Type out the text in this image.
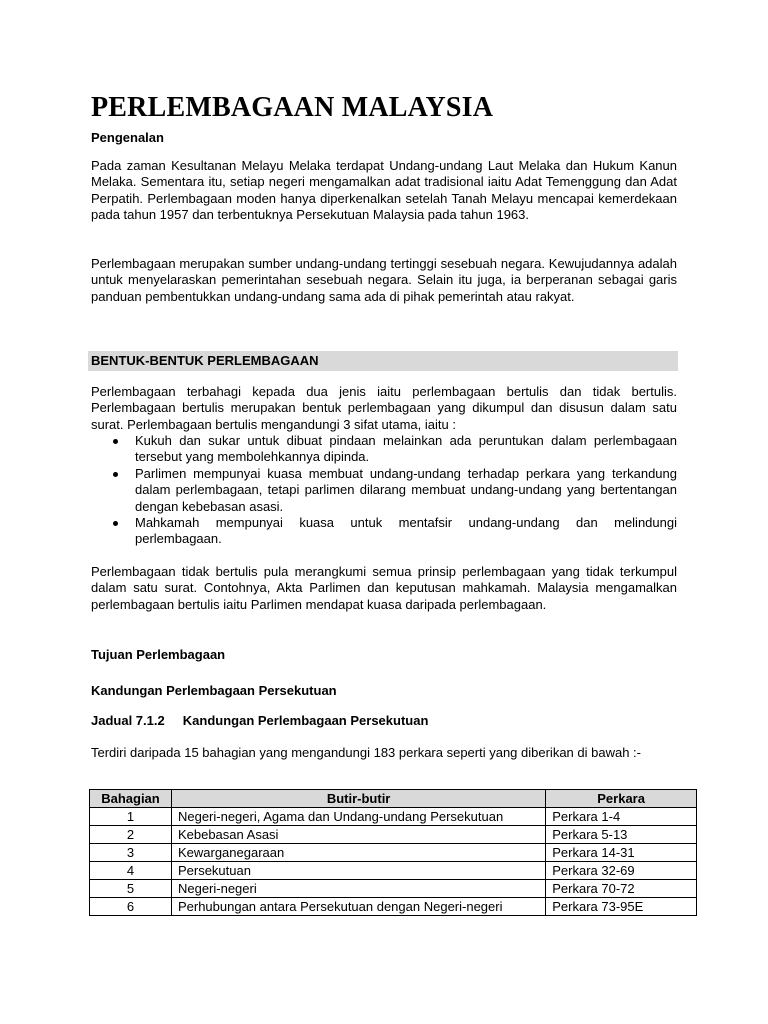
PERLEMBAGAAN MALAYSIA
Pengenalan

Pada zaman Kesultanan Melayu Melaka terdapat Undang-undang Laut Melaka dan Hukum Kanun Melaka. Sementara itu, setiap negeri mengamalkan adat tradisional iaitu Adat Temenggung dan Adat Perpatih. Perlembagaan moden hanya diperkenalkan setelah Tanah Melayu mencapai kemerdekaan pada tahun 1957 dan terbentuknya Persekutuan Malaysia pada tahun 1963.

Perlembagaan merupakan sumber undang-undang tertinggi sesebuah negara. Kewujudannya adalah untuk menyelaraskan pemerintahan sesebuah negara. Selain itu juga, ia berperanan sebagai garis panduan pembentukkan undang-undang sama ada di pihak pemerintah atau rakyat.

BENTUK-BENTUK PERLEMBAGAAN

Perlembagaan terbahagi kepada dua jenis iaitu perlembagaan bertulis dan tidak bertulis. Perlembagaan bertulis merupakan bentuk perlembagaan yang dikumpul dan disusun dalam satu surat. Perlembagaan bertulis mengandungi 3 sifat utama, iaitu :

Kukuh dan sukar untuk dibuat pindaan melainkan ada peruntukan dalam perlembagaan tersebut yang membolehkannya dipinda.
Parlimen mempunyai kuasa membuat undang-undang terhadap perkara yang terkandung dalam perlembagaan, tetapi parlimen dilarang membuat undang-undang yang bertentangan dengan kebebasan asasi.
Mahkamah mempunyai kuasa untuk mentafsir undang-undang dan melindungi perlembagaan.

Perlembagaan tidak bertulis pula merangkumi semua prinsip perlembagaan yang tidak terkumpul dalam satu surat. Contohnya, Akta Parlimen dan keputusan mahkamah. Malaysia mengamalkan perlembagaan bertulis iaitu Parlimen mendapat kuasa daripada perlembagaan.

Tujuan Perlembagaan
Kandungan Perlembagaan Persekutuan
Jadual 7.1.2     Kandungan Perlembagaan Persekutuan

Terdiri daripada 15 bahagian yang mengandungi 183 perkara seperti yang diberikan di bawah :-

Bahagian	Butir-butir	Perkara
1	Negeri-negeri, Agama dan Undang-undang Persekutuan	Perkara 1-4
2	Kebebasan Asasi	Perkara 5-13
3	Kewarganegaraan	Perkara 14-31
4	Persekutuan	Perkara 32-69
5	Negeri-negeri	Perkara 70-72
6	Perhubungan antara Persekutuan dengan Negeri-negeri	Perkara 73-95E
